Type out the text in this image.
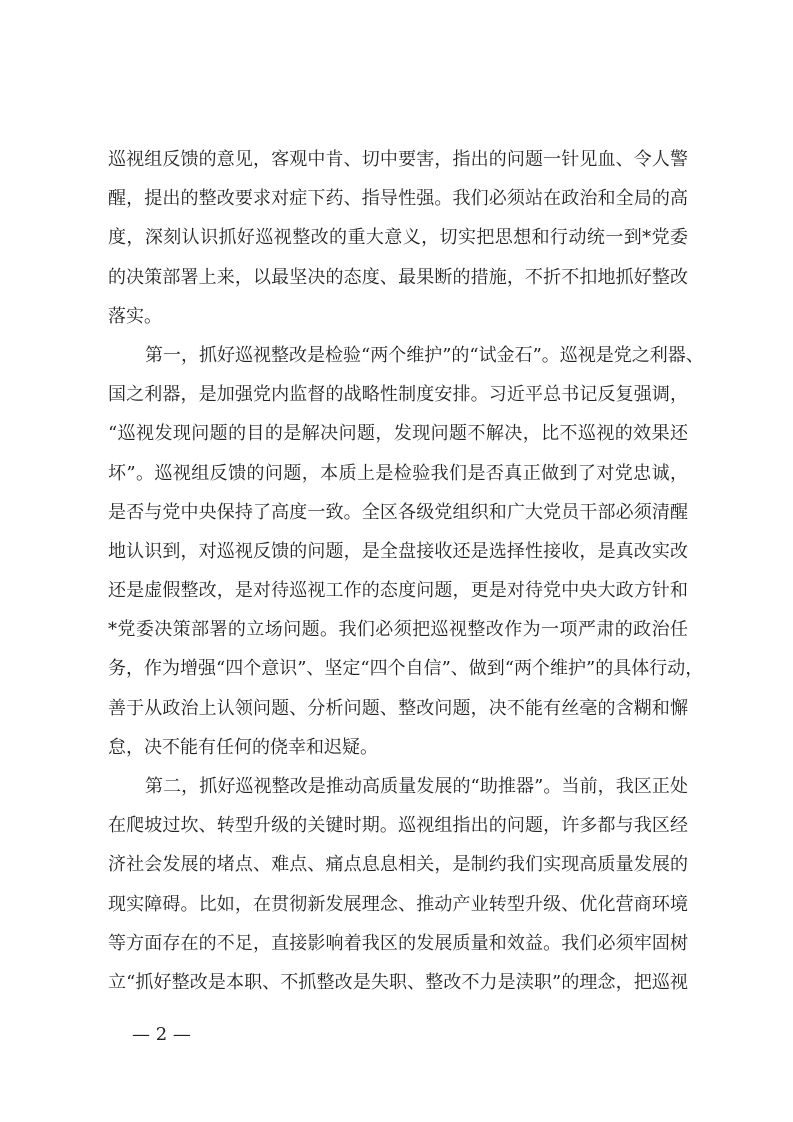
巡视组反馈的意见，客观中肯、切中要害，指出的问题一针见血、令人警
醒，提出的整改要求对症下药、指导性强。我们必须站在政治和全局的高
度，深刻认识抓好巡视整改的重大意义，切实把思想和行动统一到*党委
的决策部署上来，以最坚决的态度、最果断的措施，不折不扣地抓好整改
落实。
第一，抓好巡视整改是检验“两个维护”的“试金石”。巡视是党之利器、
国之利器，是加强党内监督的战略性制度安排。习近平总书记反复强调，
“巡视发现问题的目的是解决问题，发现问题不解决，比不巡视的效果还
坏”。巡视组反馈的问题，本质上是检验我们是否真正做到了对党忠诚，
是否与党中央保持了高度一致。全区各级党组织和广大党员干部必须清醒
地认识到，对巡视反馈的问题，是全盘接收还是选择性接收，是真改实改
还是虚假整改，是对待巡视工作的态度问题，更是对待党中央大政方针和
*党委决策部署的立场问题。我们必须把巡视整改作为一项严肃的政治任
务，作为增强“四个意识”、坚定“四个自信”、做到“两个维护”的具体行动，
善于从政治上认领问题、分析问题、整改问题，决不能有丝毫的含糊和懈
怠，决不能有任何的侥幸和迟疑。
第二，抓好巡视整改是推动高质量发展的“助推器”。当前，我区正处
在爬坡过坎、转型升级的关键时期。巡视组指出的问题，许多都与我区经
济社会发展的堵点、难点、痛点息息相关，是制约我们实现高质量发展的
现实障碍。比如，在贯彻新发展理念、推动产业转型升级、优化营商环境
等方面存在的不足，直接影响着我区的发展质量和效益。我们必须牢固树
立“抓好整改是本职、不抓整改是失职、整改不力是渎职”的理念，把巡视
— 2 —
